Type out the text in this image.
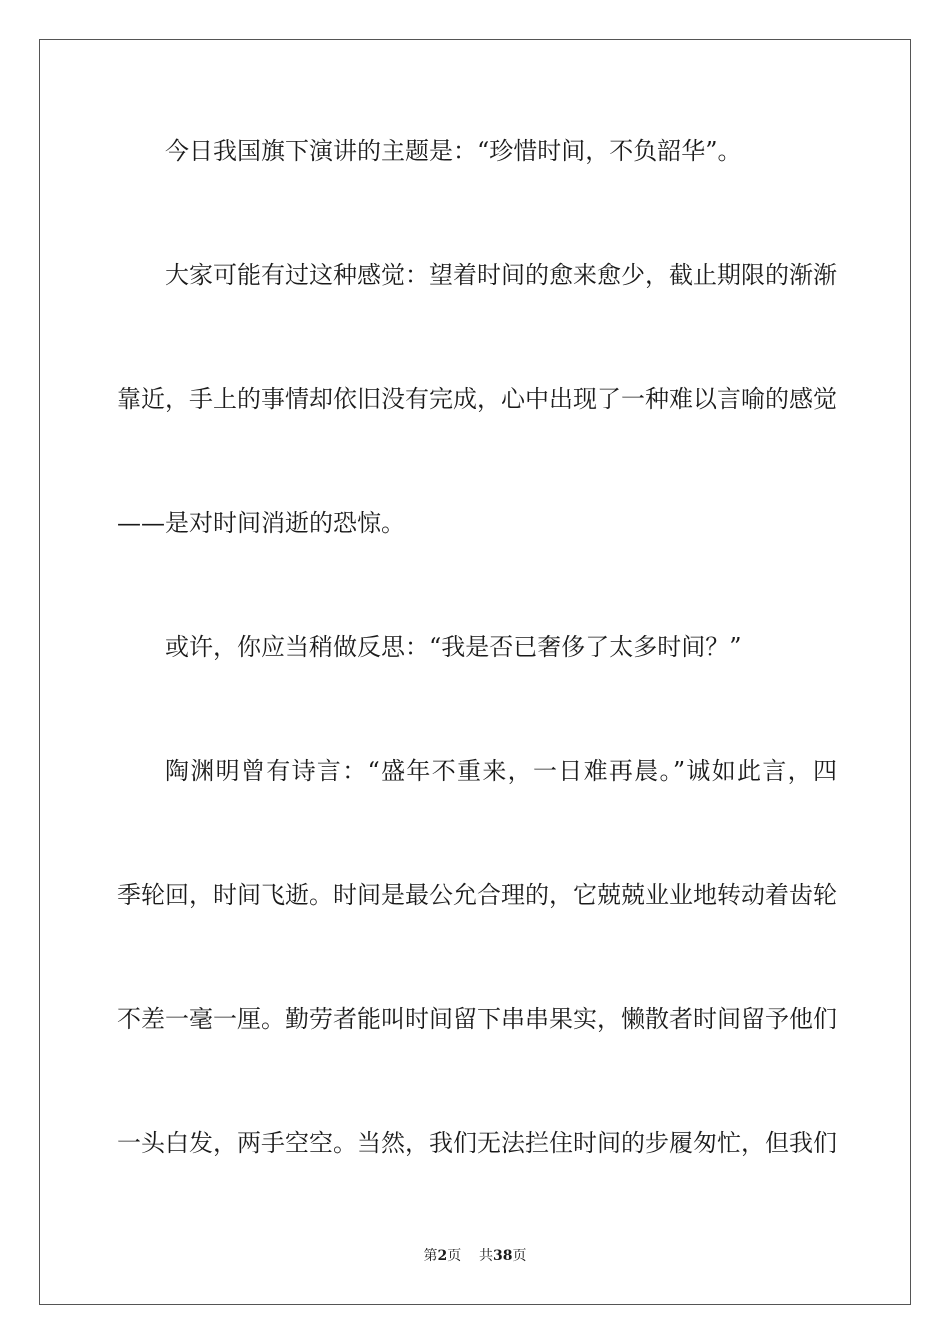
今日我国旗下演讲的主题是：“珍惜时间，不负韶华”。
大家可能有过这种感觉：望着时间的愈来愈少，截止期限的渐渐
靠近，手上的事情却依旧没有完成，心中出现了一种难以言喻的感觉
——是对时间消逝的恐惊。
或许，你应当稍做反思：“我是否已奢侈了太多时间？”
陶渊明曾有诗言：“盛年不重来，一日难再晨。”诚如此言，四
季轮回，时间飞逝。时间是最公允合理的，它兢兢业业地转动着齿轮
不差一毫一厘。勤劳者能叫时间留下串串果实，懒散者时间留予他们
一头白发，两手空空。当然，我们无法拦住时间的步履匆忙，但我们
第2页 共38页
